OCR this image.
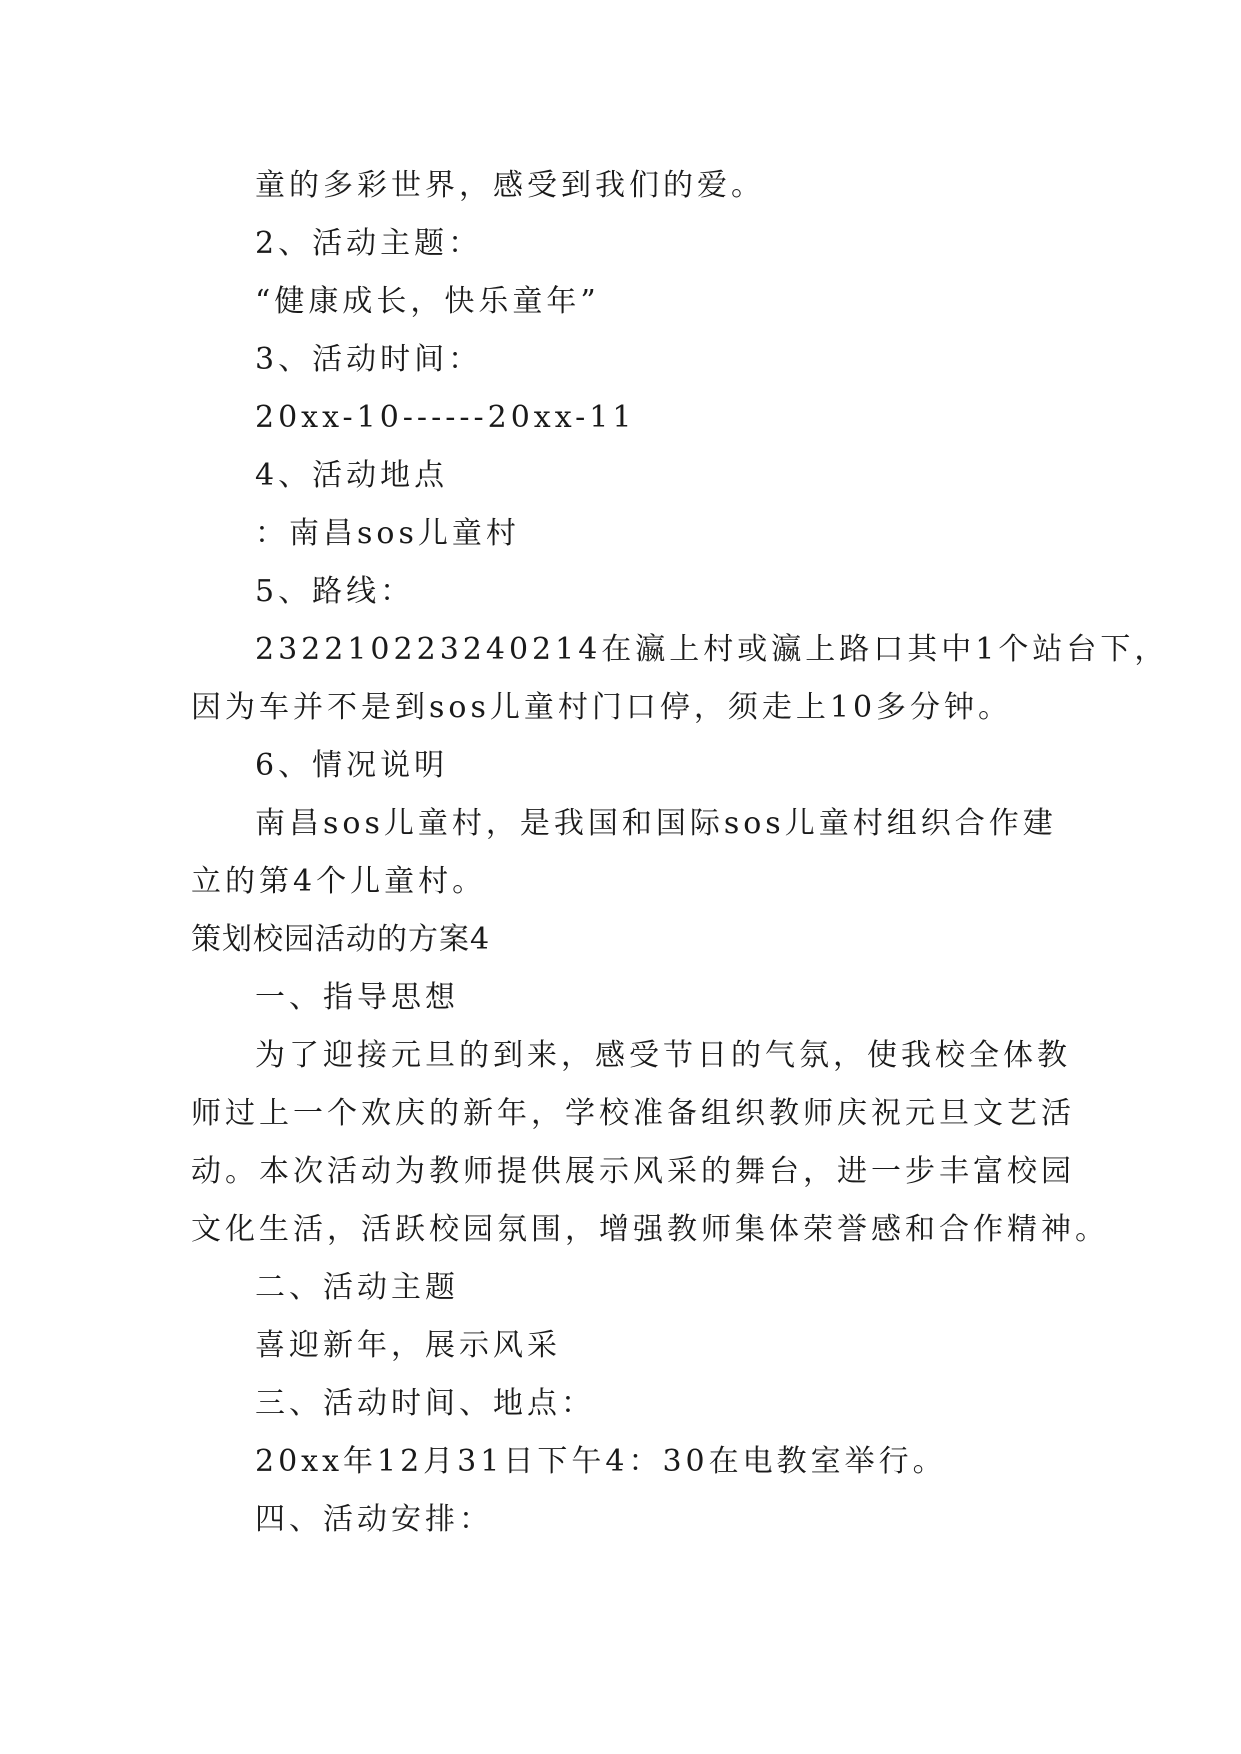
童的多彩世界，感受到我们的爱。
2、活动主题：
“健康成长，快乐童年”
3、活动时间：
20xx-10------20xx-11
4、活动地点
：南昌sos儿童村
5、路线：
232210223240214在瀛上村或瀛上路口其中1个站台下，
因为车并不是到sos儿童村门口停，须走上10多分钟。
6、情况说明
南昌sos儿童村，是我国和国际sos儿童村组织合作建
立的第4个儿童村。
策划校园活动的方案4
一、指导思想
为了迎接元旦的到来，感受节日的气氛，使我校全体教
师过上一个欢庆的新年，学校准备组织教师庆祝元旦文艺活
动。本次活动为教师提供展示风采的舞台，进一步丰富校园
文化生活，活跃校园氛围，增强教师集体荣誉感和合作精神。
二、活动主题
喜迎新年，展示风采
三、活动时间、地点：
20xx年12月31日下午4：30在电教室举行。
四、活动安排：
